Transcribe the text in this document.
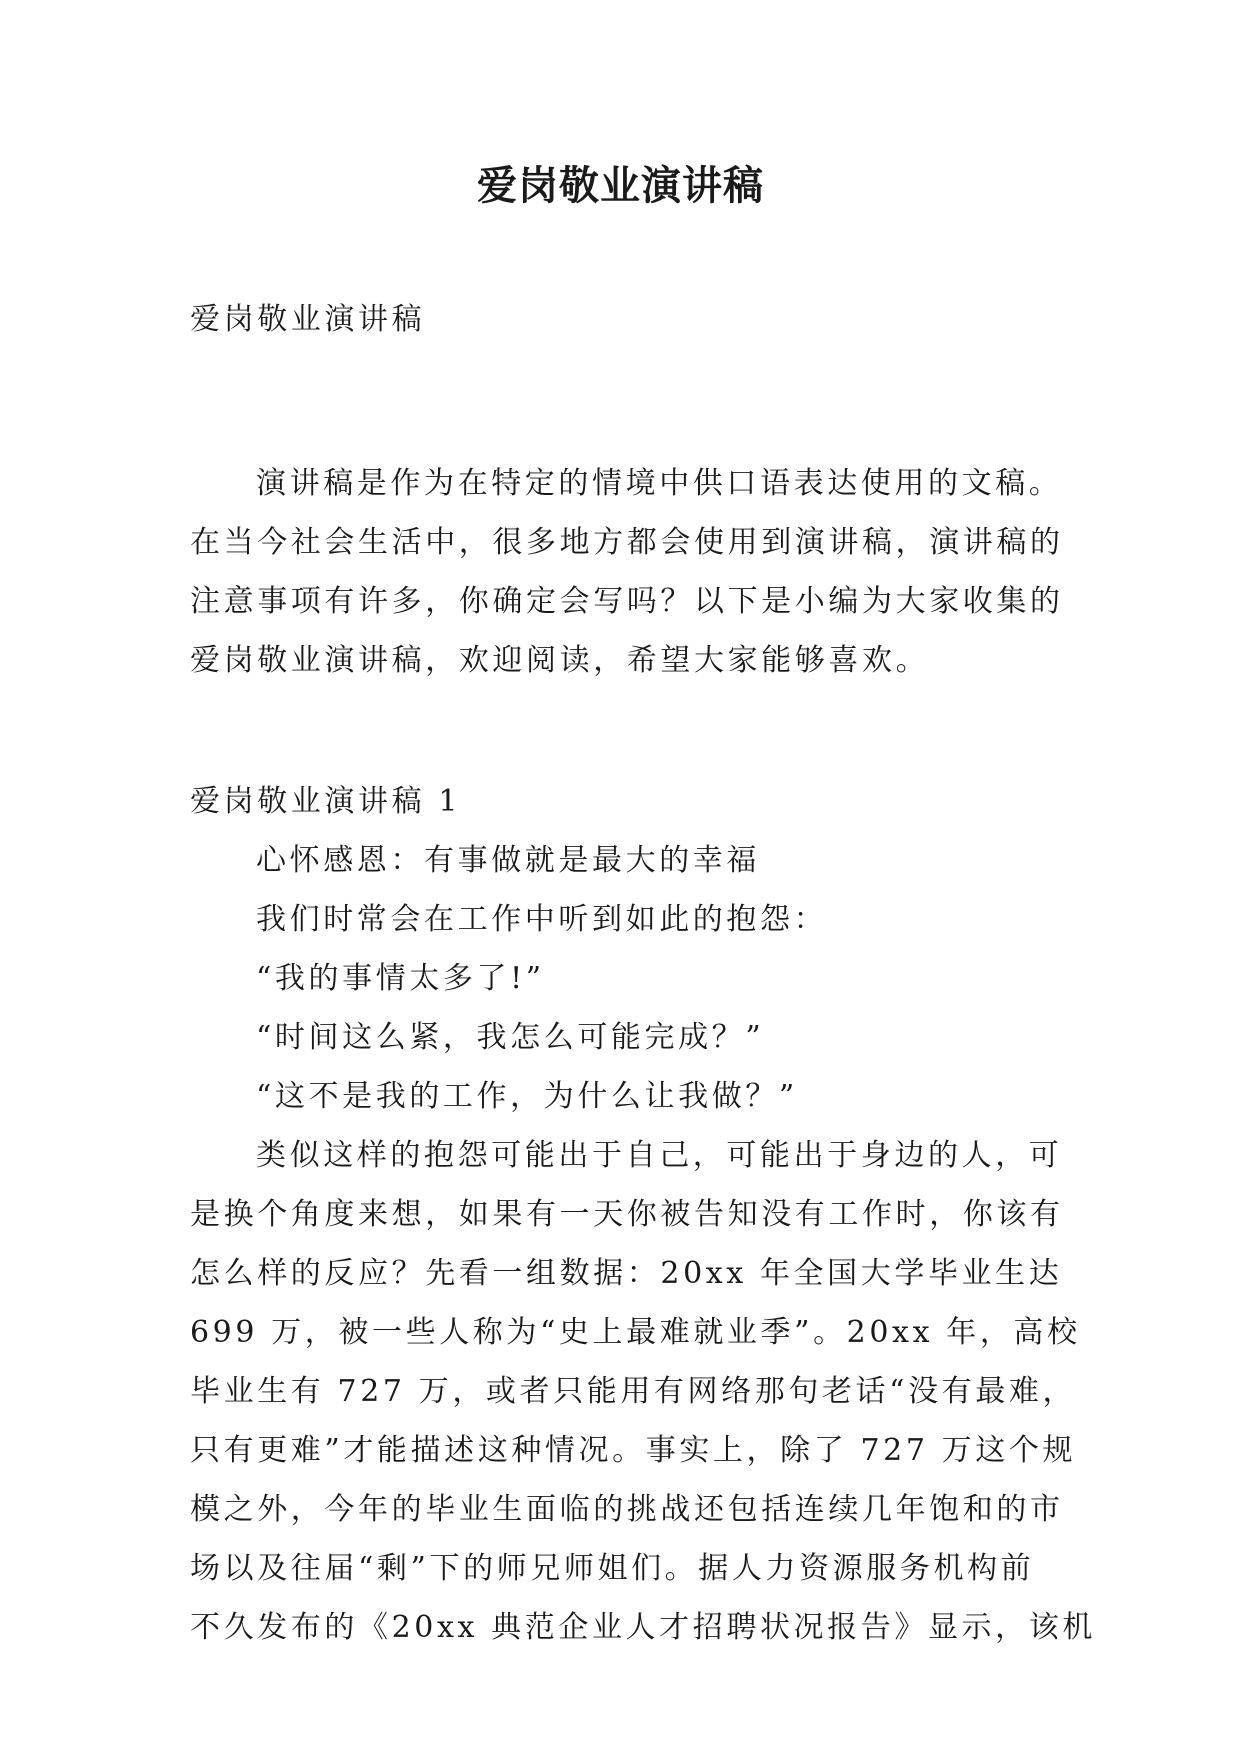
爱岗敬业演讲稿

爱岗敬业演讲稿

演讲稿是作为在特定的情境中供口语表达使用的文稿。

在当今社会生活中，很多地方都会使用到演讲稿，演讲稿的

注意事项有许多，你确定会写吗？以下是小编为大家收集的

爱岗敬业演讲稿，欢迎阅读，希望大家能够喜欢。

爱岗敬业演讲稿 1

心怀感恩：有事做就是最大的幸福

我们时常会在工作中听到如此的抱怨：

“我的事情太多了!”

“时间这么紧，我怎么可能完成？”

“这不是我的工作，为什么让我做？”

类似这样的抱怨可能出于自己，可能出于身边的人，可

是换个角度来想，如果有一天你被告知没有工作时，你该有

怎么样的反应？先看一组数据：20xx 年全国大学毕业生达

699 万，被一些人称为“史上最难就业季”。20xx 年，高校

毕业生有 727 万，或者只能用有网络那句老话“没有最难，

只有更难”才能描述这种情况。事实上，除了 727 万这个规

模之外，今年的毕业生面临的挑战还包括连续几年饱和的市

场以及往届“剩”下的师兄师姐们。据人力资源服务机构前

不久发布的《20xx 典范企业人才招聘状况报告》显示，该机
